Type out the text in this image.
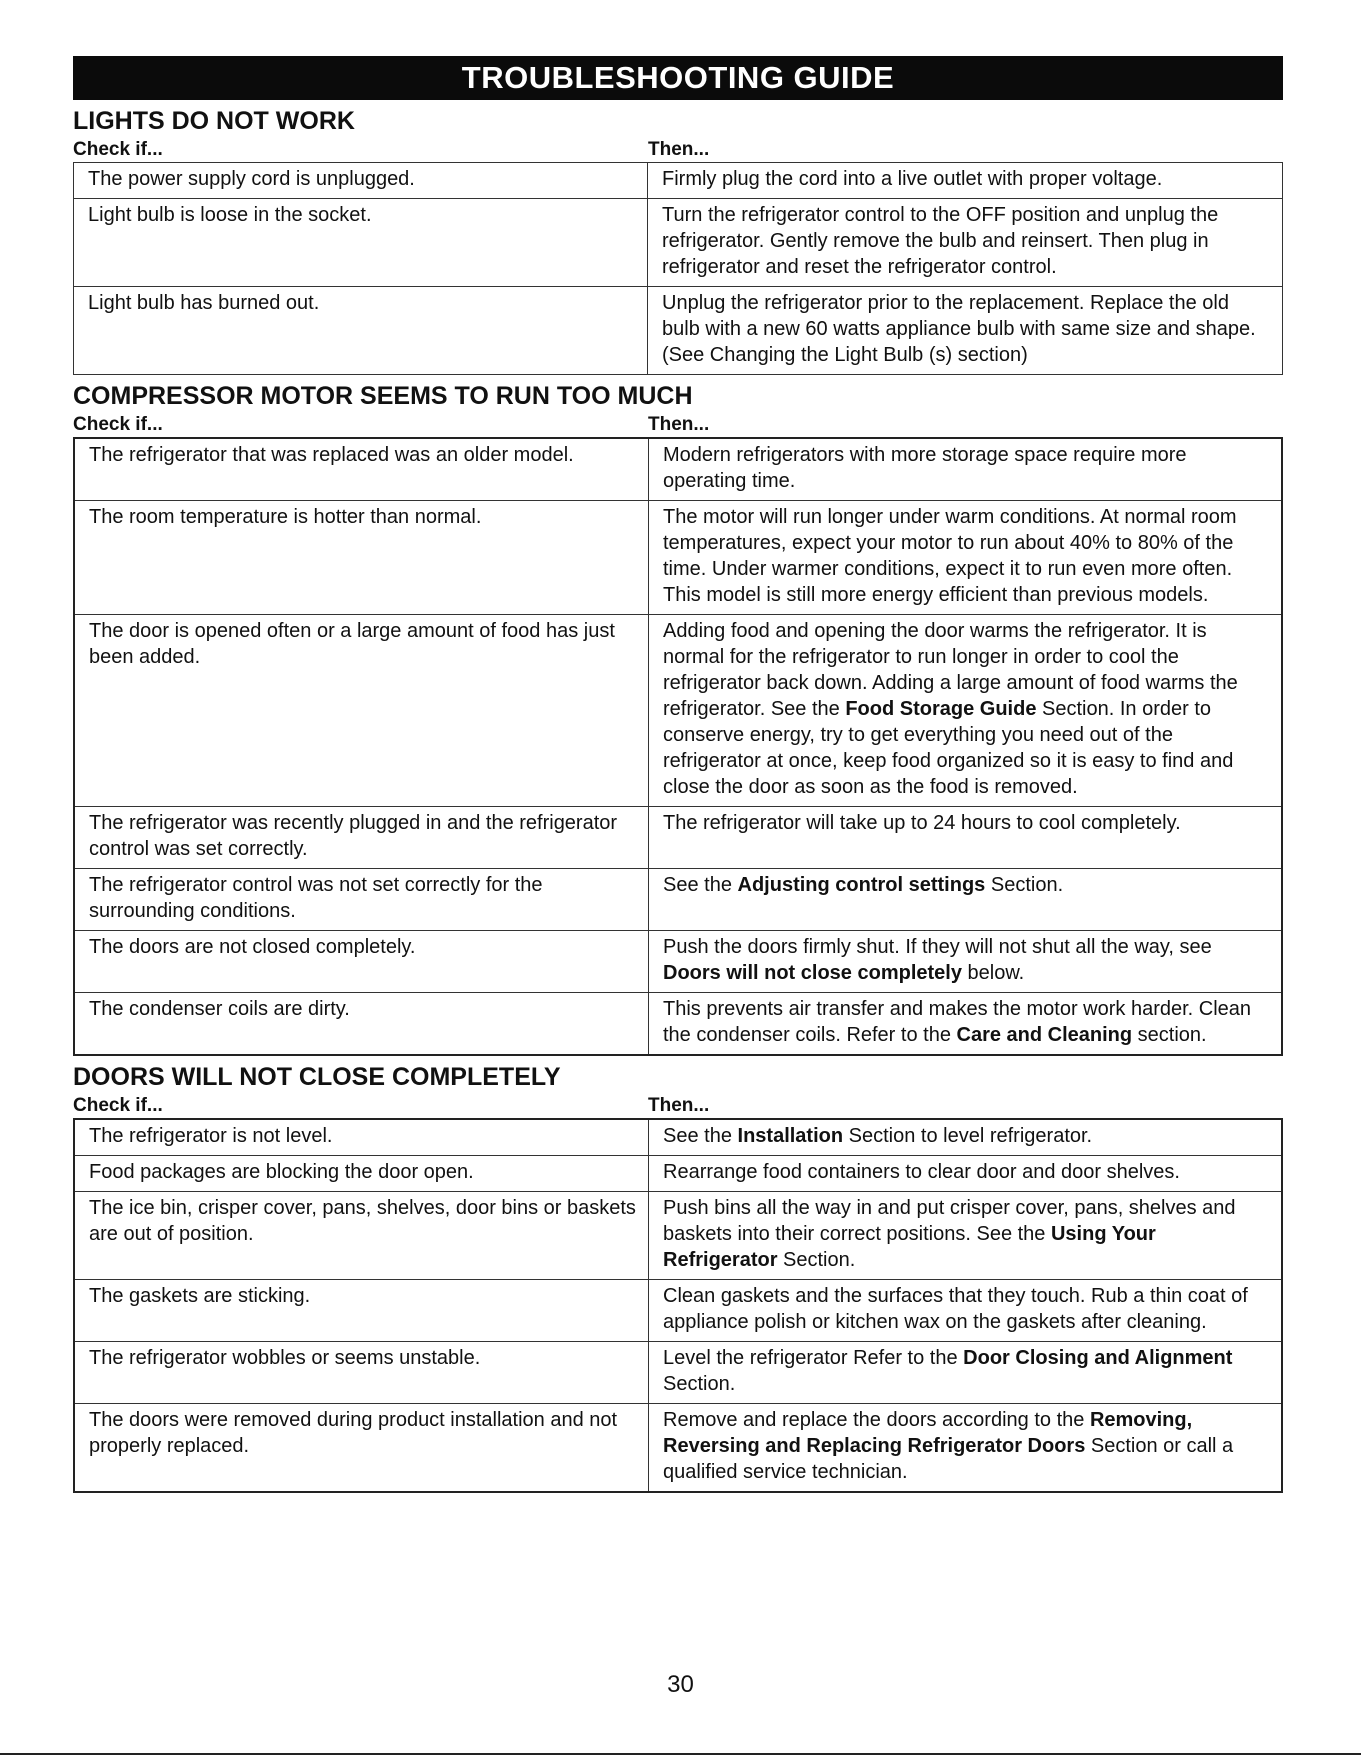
TROUBLESHOOTING GUIDE
LIGHTS DO NOT WORK
Check if...	Then...
The power supply cord is unplugged.	Firmly plug the cord into a live outlet with proper voltage.
Light bulb is loose in the socket.	Turn the refrigerator control to the OFF position and unplug the refrigerator. Gently remove the bulb and reinsert. Then plug in refrigerator and reset the refrigerator control.
Light bulb has burned out.	Unplug the refrigerator prior to the replacement. Replace the old bulb with a new 60 watts appliance bulb with same size and shape. (See Changing the Light Bulb (s) section)
COMPRESSOR MOTOR SEEMS TO RUN TOO MUCH
Check if...	Then...
The refrigerator that was replaced was an older model.	Modern refrigerators with more storage space require more operating time.
The room temperature is hotter than normal.	The motor will run longer under warm conditions. At normal room temperatures, expect your motor to run about 40% to 80% of the time. Under warmer conditions, expect it to run even more often. This model is still more energy efficient than previous models.
The door is opened often or a large amount of food has just been added.	Adding food and opening the door warms the refrigerator. It is normal for the refrigerator to run longer in order to cool the refrigerator back down. Adding a large amount of food warms the refrigerator. See the Food Storage Guide Section. In order to conserve energy, try to get everything you need out of the refrigerator at once, keep food organized so it is easy to find and close the door as soon as the food is removed.
The refrigerator was recently plugged in and the refrigerator control was set correctly.	The refrigerator will take up to 24 hours to cool completely.
The refrigerator control was not set correctly for the surrounding conditions.	See the Adjusting control settings Section.
The doors are not closed completely.	Push the doors firmly shut. If they will not shut all the way, see Doors will not close completely below.
The condenser coils are dirty.	This prevents air transfer and makes the motor work harder. Clean the condenser coils. Refer to the Care and Cleaning section.
DOORS WILL NOT CLOSE COMPLETELY
Check if...	Then...
The refrigerator is not level.	See the Installation Section to level refrigerator.
Food packages are blocking the door open.	Rearrange food containers to clear door and door shelves.
The ice bin, crisper cover, pans, shelves, door bins or baskets are out of position.	Push bins all the way in and put crisper cover, pans, shelves and baskets into their correct positions. See the Using Your Refrigerator Section.
The gaskets are sticking.	Clean gaskets and the surfaces that they touch. Rub a thin coat of appliance polish or kitchen wax on the gaskets after cleaning.
The refrigerator wobbles or seems unstable.	Level the refrigerator Refer to the Door Closing and Alignment Section.
The doors were removed during product installation and not properly replaced.	Remove and replace the doors according to the Removing, Reversing and Replacing Refrigerator Doors Section or call a qualified service technician.
30
